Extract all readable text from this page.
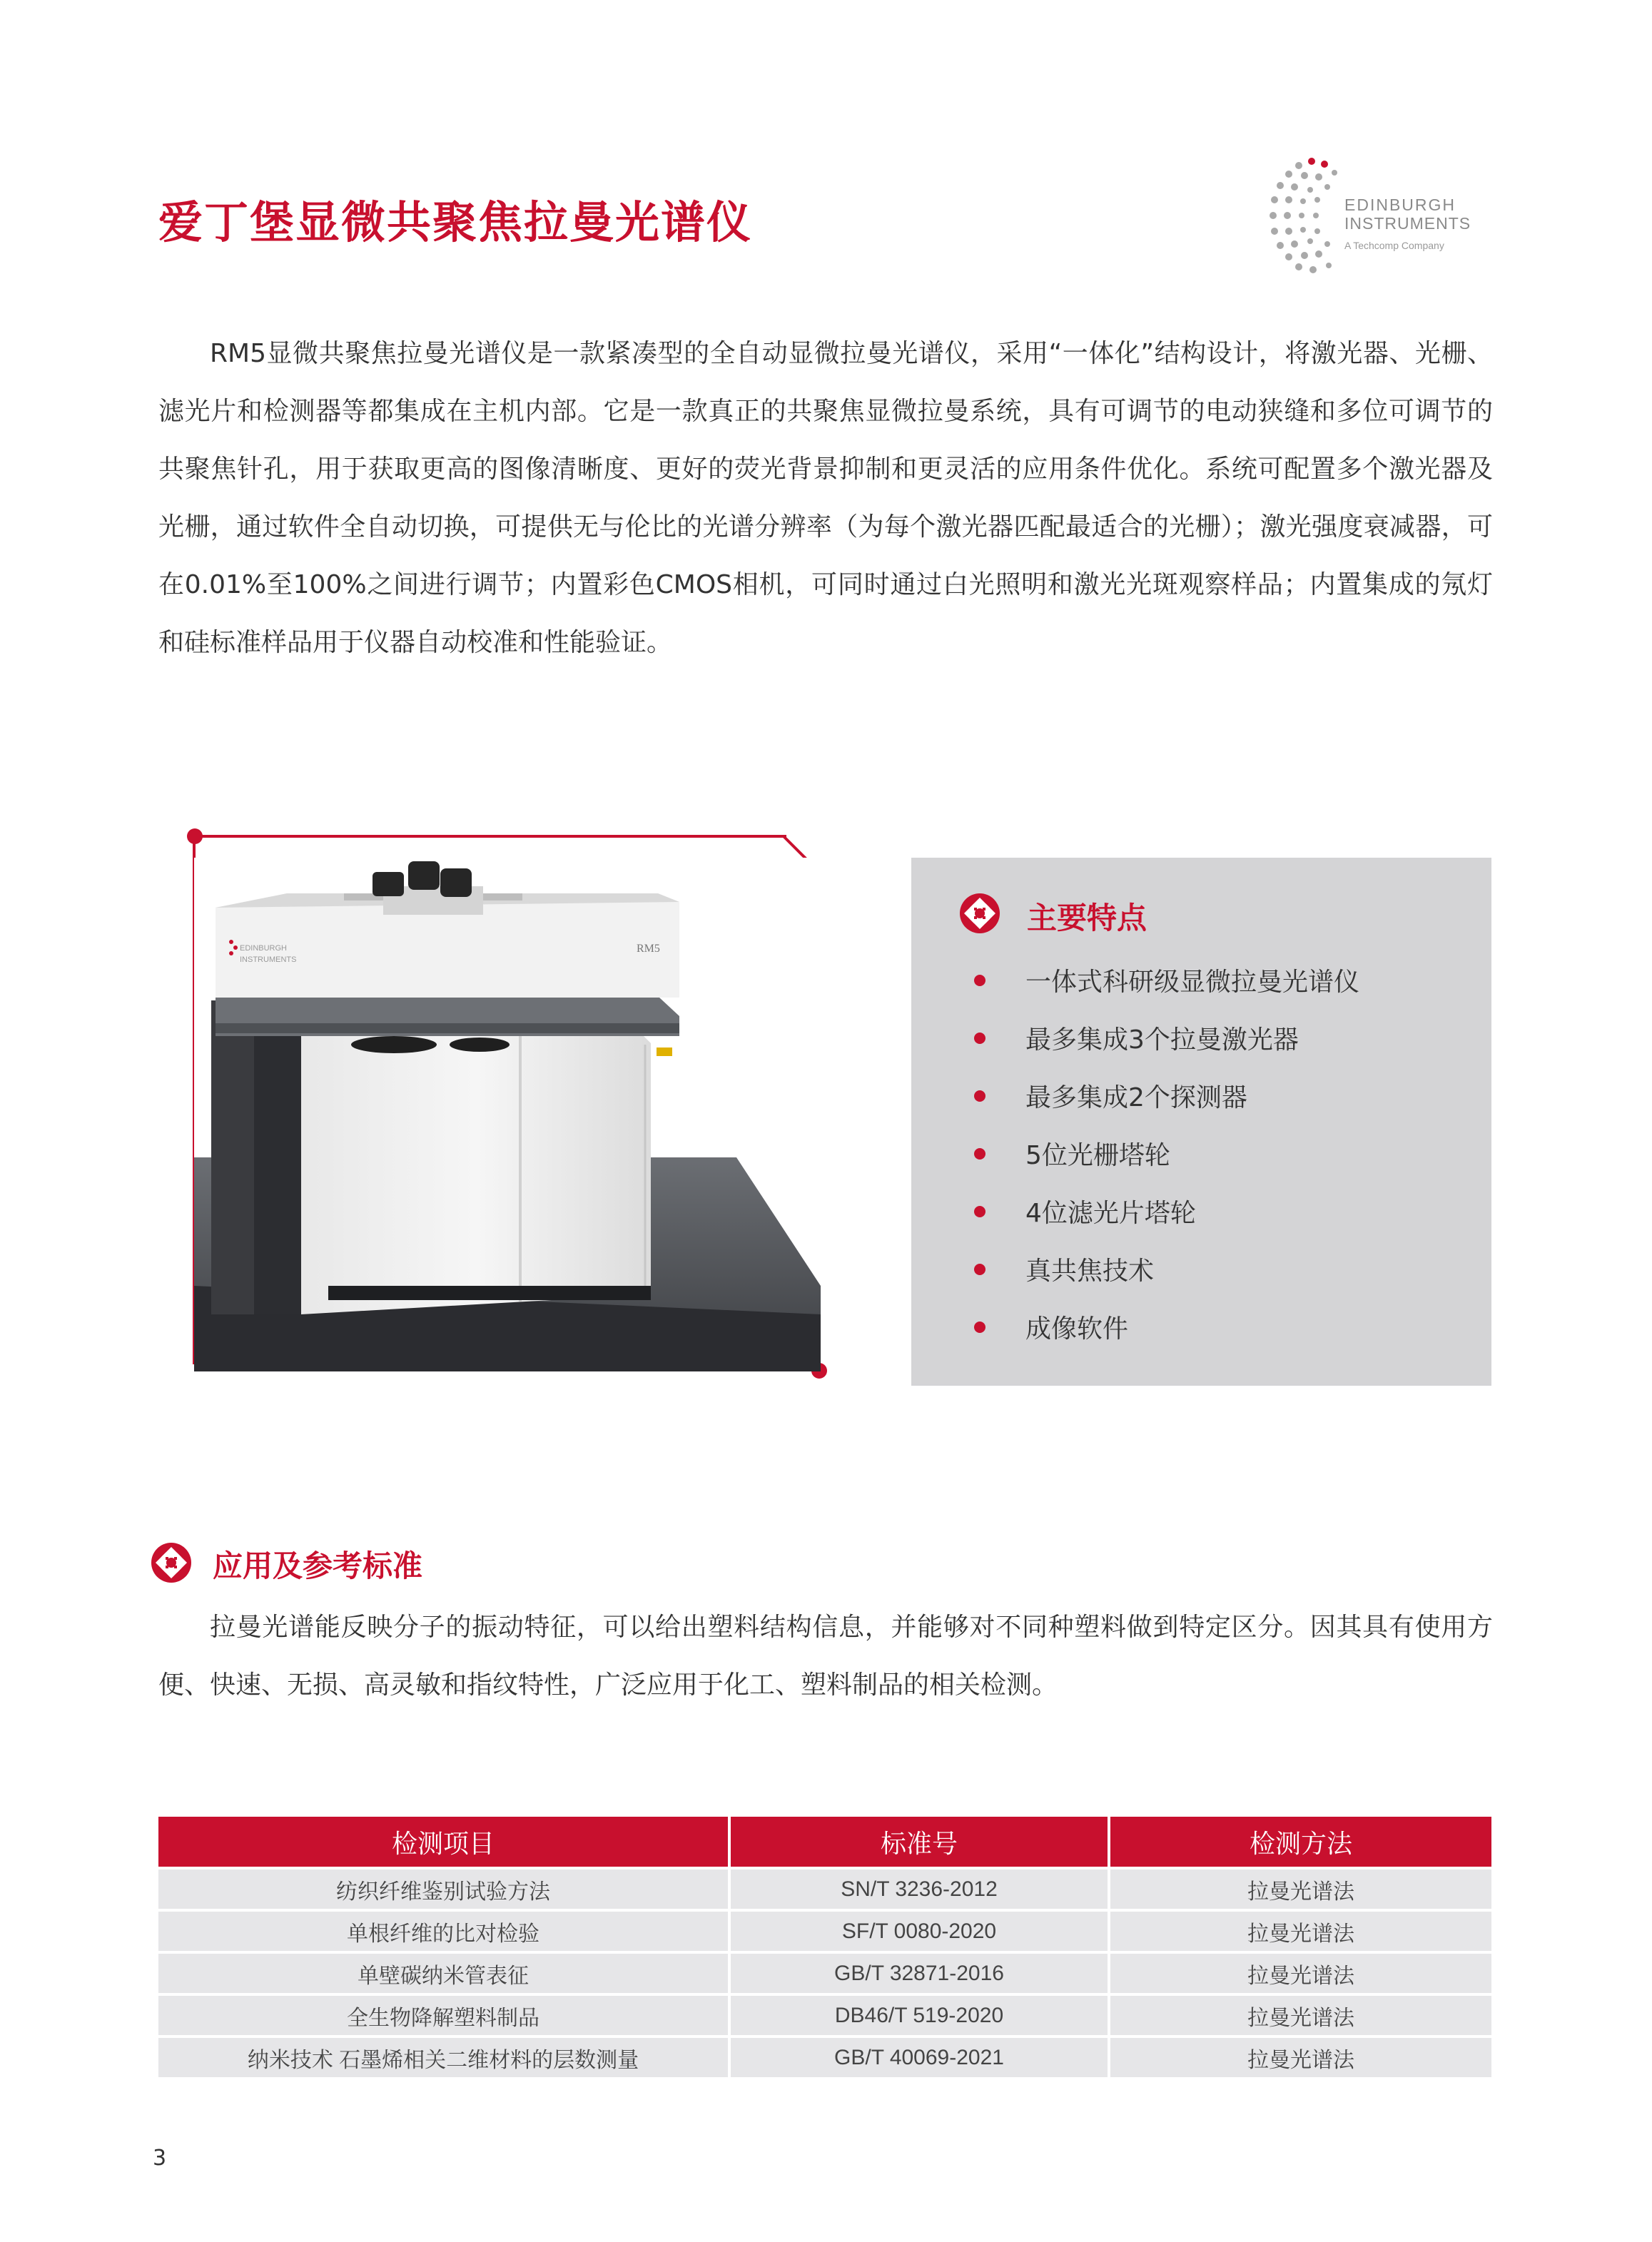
爱丁堡显微共聚焦拉曼光谱仪	EDINBURGH
INSTRUMENTS
A Techcomp Company
RM5显微共聚焦拉曼光谱仪是一款紧凑型的全自动显微拉曼光谱仪，采用“一体化”结构设计，将激光器、光栅、滤光片和检测器等都集成在主机内部。它是一款真正的共聚焦显微拉曼系统，具有可调节的电动狭缝和多位可调节的共聚焦针孔，用于获取更高的图像清晰度、更好的荧光背景抑制和更灵活的应用条件优化。系统可配置多个激光器及光栅，通过软件全自动切换，可提供无与伦比的光谱分辨率（为每个激光器匹配最适合的光栅）；激光强度衰减器，可在0.01%至100%之间进行调节；内置彩色CMOS相机，可同时通过白光照明和激光光斑观察样品；内置集成的氖灯和硅标准样品用于仪器自动校准和性能验证。
EDINBURGH
INSTRUMENTS
RM5
主要特点
一体式科研级显微拉曼光谱仪
最多集成3个拉曼激光器
最多集成2个探测器
5位光栅塔轮
4位滤光片塔轮
真共焦技术
成像软件
应用及参考标准
拉曼光谱能反映分子的振动特征，可以给出塑料结构信息，并能够对不同种塑料做到特定区分。因其具有使用方便、快速、无损、高灵敏和指纹特性，广泛应用于化工、塑料制品的相关检测。
检测项目	标准号	检测方法
纺织纤维鉴别试验方法	SN/T 3236-2012	拉曼光谱法
单根纤维的比对检验	SF/T 0080-2020	拉曼光谱法
单壁碳纳米管表征	GB/T 32871-2016	拉曼光谱法
全生物降解塑料制品	DB46/T 519-2020	拉曼光谱法
纳米技术 石墨烯相关二维材料的层数测量	GB/T 40069-2021	拉曼光谱法
3
